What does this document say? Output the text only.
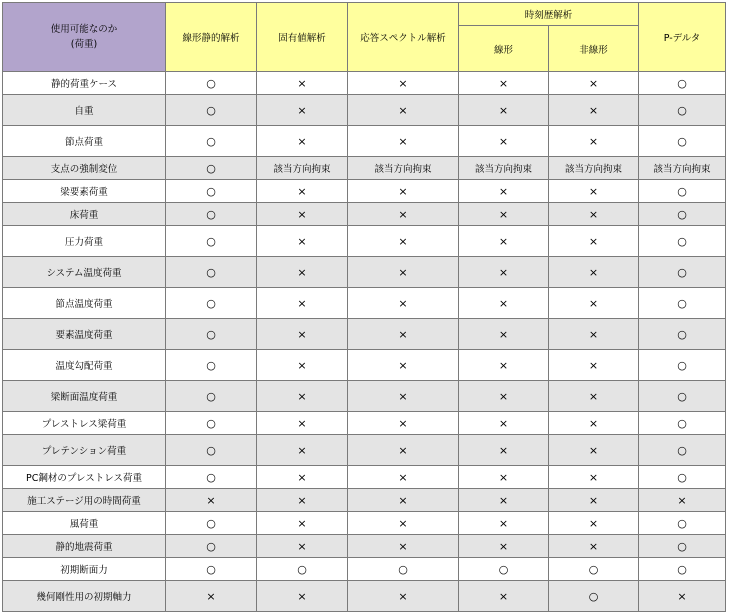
使用可能なのか
(荷重)	線形静的解析	固有値解析	応答スペクトル解析	時刻歴解析		P-デルタ
				線形	非線形	
静的荷重ケース	○	×	×	×	×	○
自重	○	×	×	×	×	○
節点荷重	○	×	×	×	×	○
支点の強制変位	○	該当方向拘束	該当方向拘束	該当方向拘束	該当方向拘束	該当方向拘束
梁要素荷重	○	×	×	×	×	○
床荷重	○	×	×	×	×	○
圧力荷重	○	×	×	×	×	○
システム温度荷重	○	×	×	×	×	○
節点温度荷重	○	×	×	×	×	○
要素温度荷重	○	×	×	×	×	○
温度勾配荷重	○	×	×	×	×	○
梁断面温度荷重	○	×	×	×	×	○
プレストレス梁荷重	○	×	×	×	×	○
プレテンション荷重	○	×	×	×	×	○
PC鋼材のプレストレス荷重	○	×	×	×	×	○
施工ステージ用の時間荷重	×	×	×	×	×	×
風荷重	○	×	×	×	×	○
静的地震荷重	○	×	×	×	×	○
初期断面力	○	○	○	○	○	○
幾何剛性用の初期軸力	×	×	×	×	○	×
